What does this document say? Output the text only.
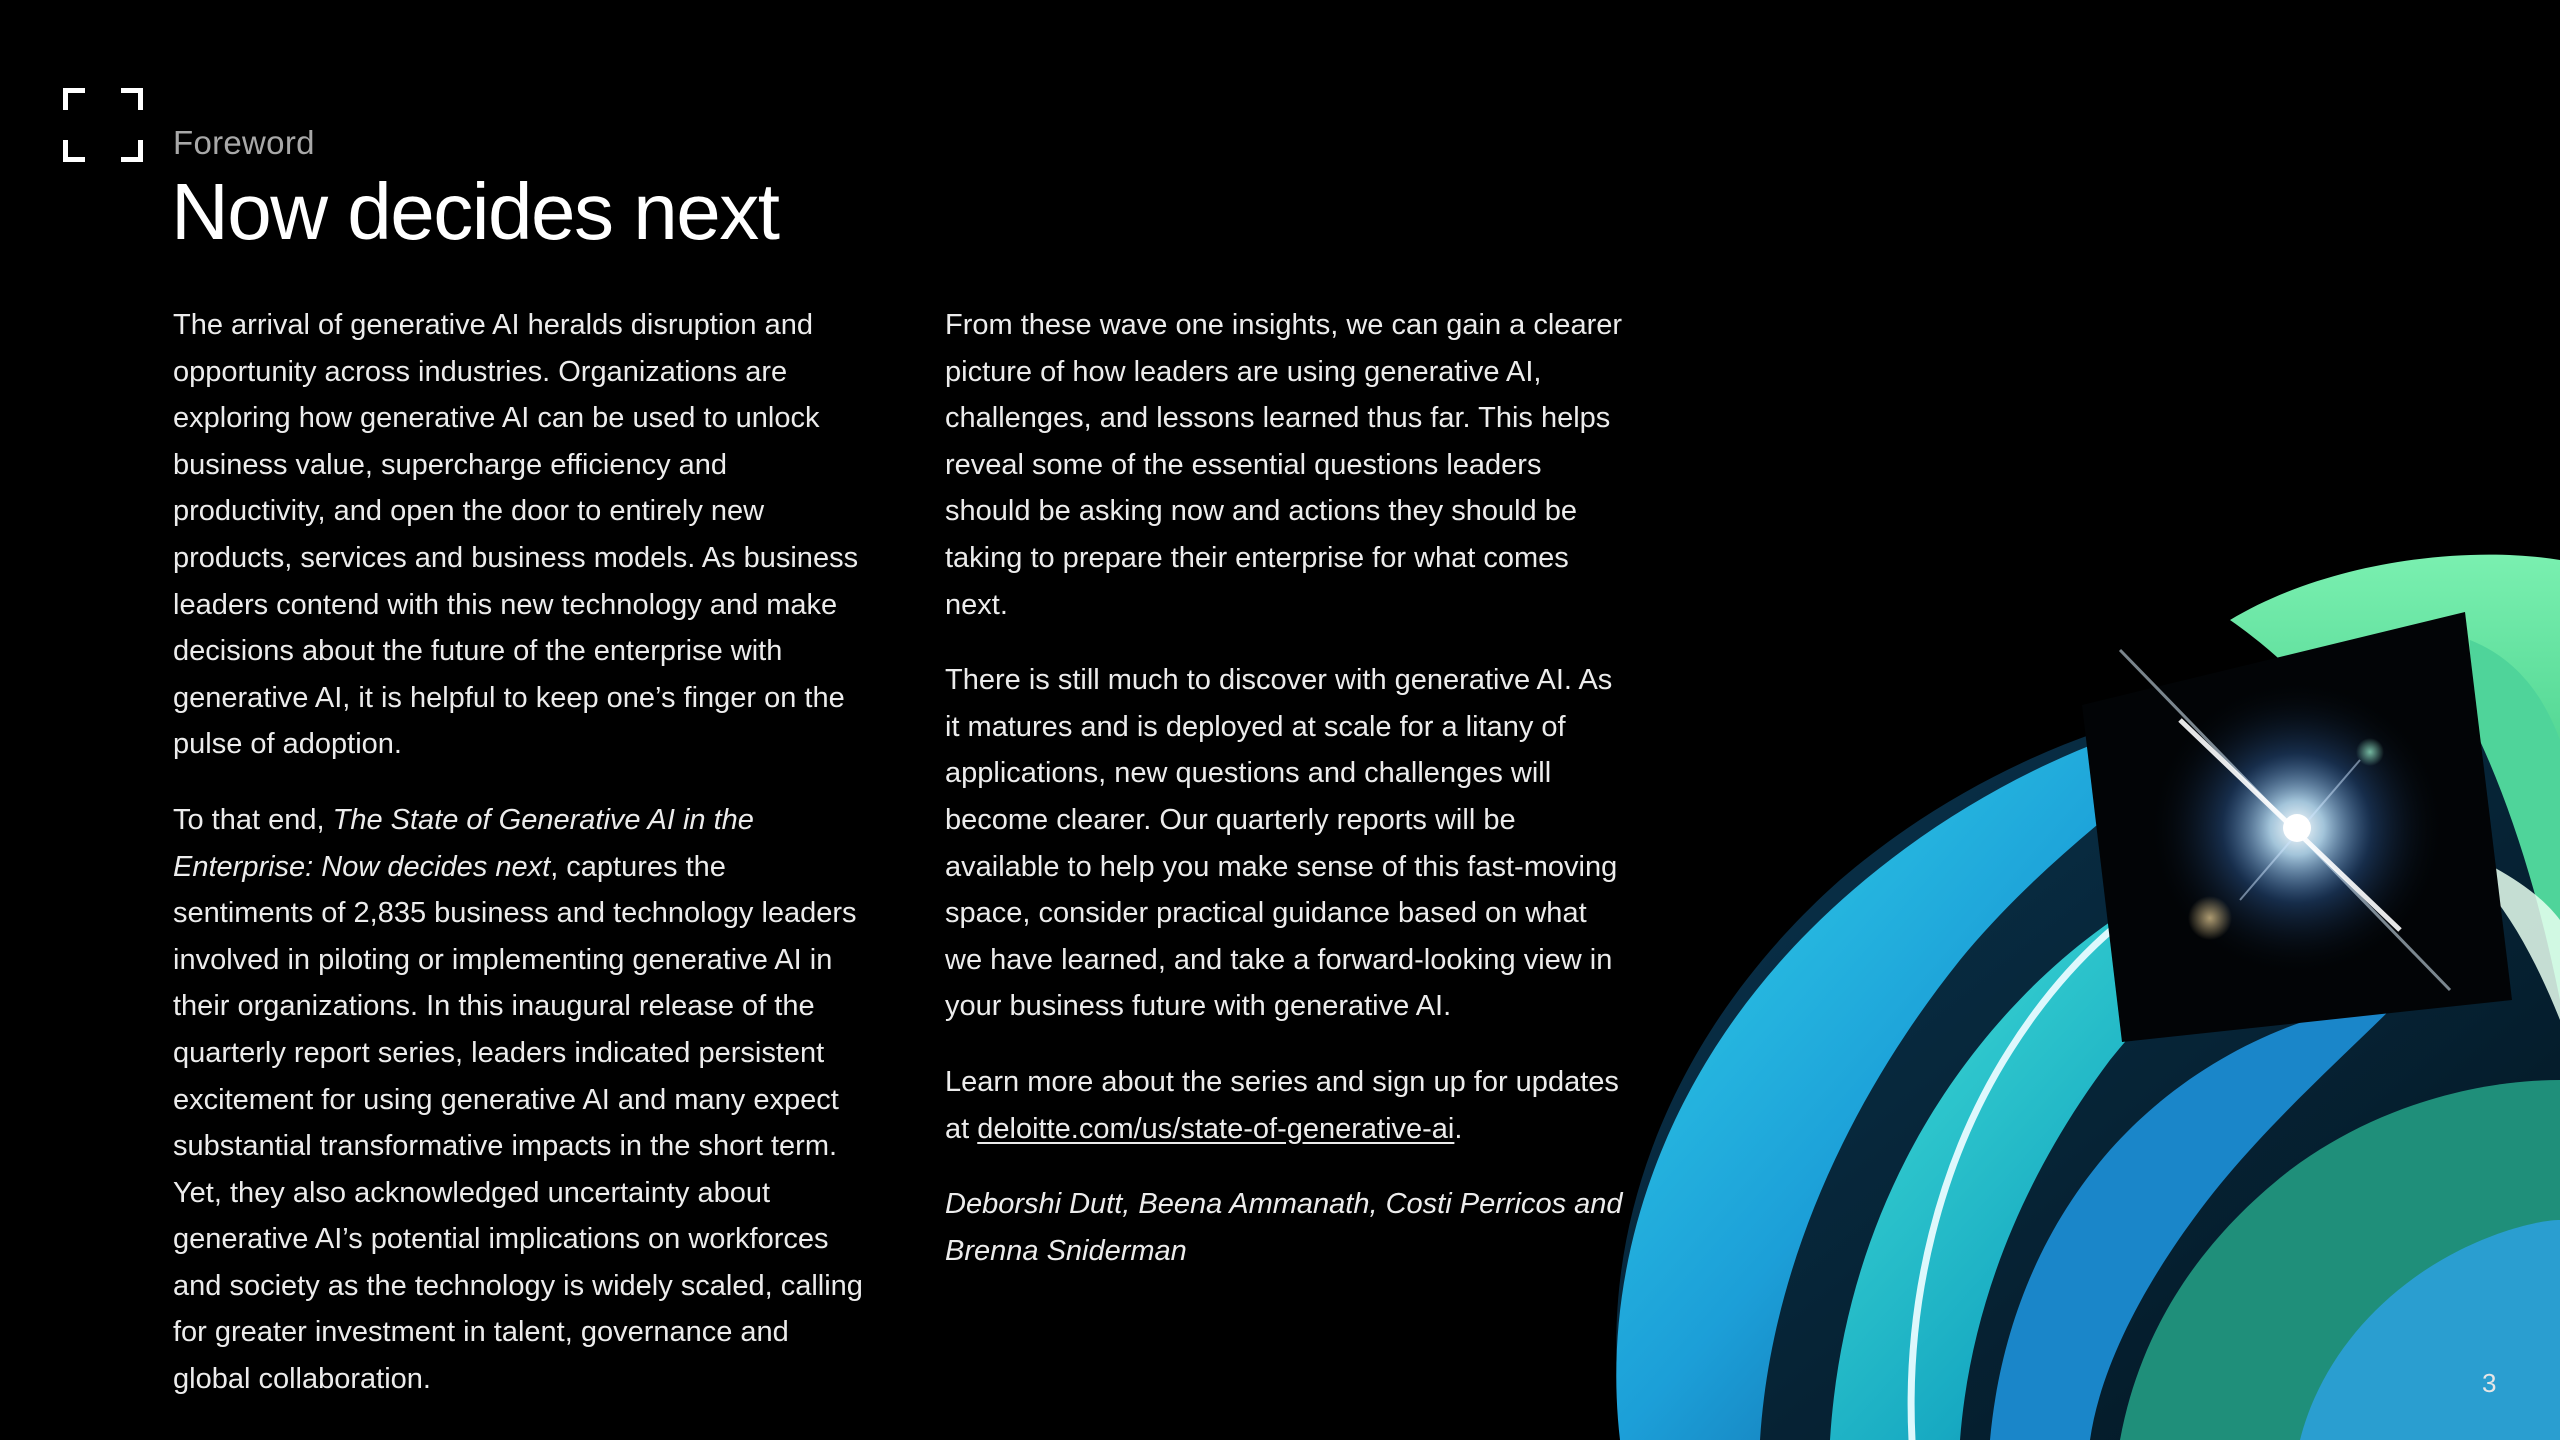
Foreword
Now decides next

The arrival of generative AI heralds disruption and opportunity across industries. Organizations are exploring how generative AI can be used to unlock business value, supercharge efficiency and productivity, and open the door to entirely new products, services and business models. As business leaders contend with this new technology and make decisions about the future of the enterprise with generative AI, it is helpful to keep one’s finger on the pulse of adoption.

To that end, The State of Generative AI in the Enterprise: Now decides next, captures the sentiments of 2,835 business and technology leaders involved in piloting or implementing generative AI in their organizations. In this inaugural release of the quarterly report series, leaders indicated persistent excitement for using generative AI and many expect substantial transformative impacts in the short term. Yet, they also acknowledged uncertainty about generative AI’s potential implications on workforces and society as the technology is widely scaled, calling for greater investment in talent, governance and global collaboration.

From these wave one insights, we can gain a clearer picture of how leaders are using generative AI, challenges, and lessons learned thus far. This helps reveal some of the essential questions leaders should be asking now and actions they should be taking to prepare their enterprise for what comes next.

There is still much to discover with generative AI. As it matures and is deployed at scale for a litany of applications, new questions and challenges will become clearer. Our quarterly reports will be available to help you make sense of this fast-moving space, consider practical guidance based on what we have learned, and take a forward-looking view in your business future with generative AI.

Learn more about the series and sign up for updates at deloitte.com/us/state-of-generative-ai.

Deborshi Dutt, Beena Ammanath, Costi Perricos and Brenna Sniderman

3
